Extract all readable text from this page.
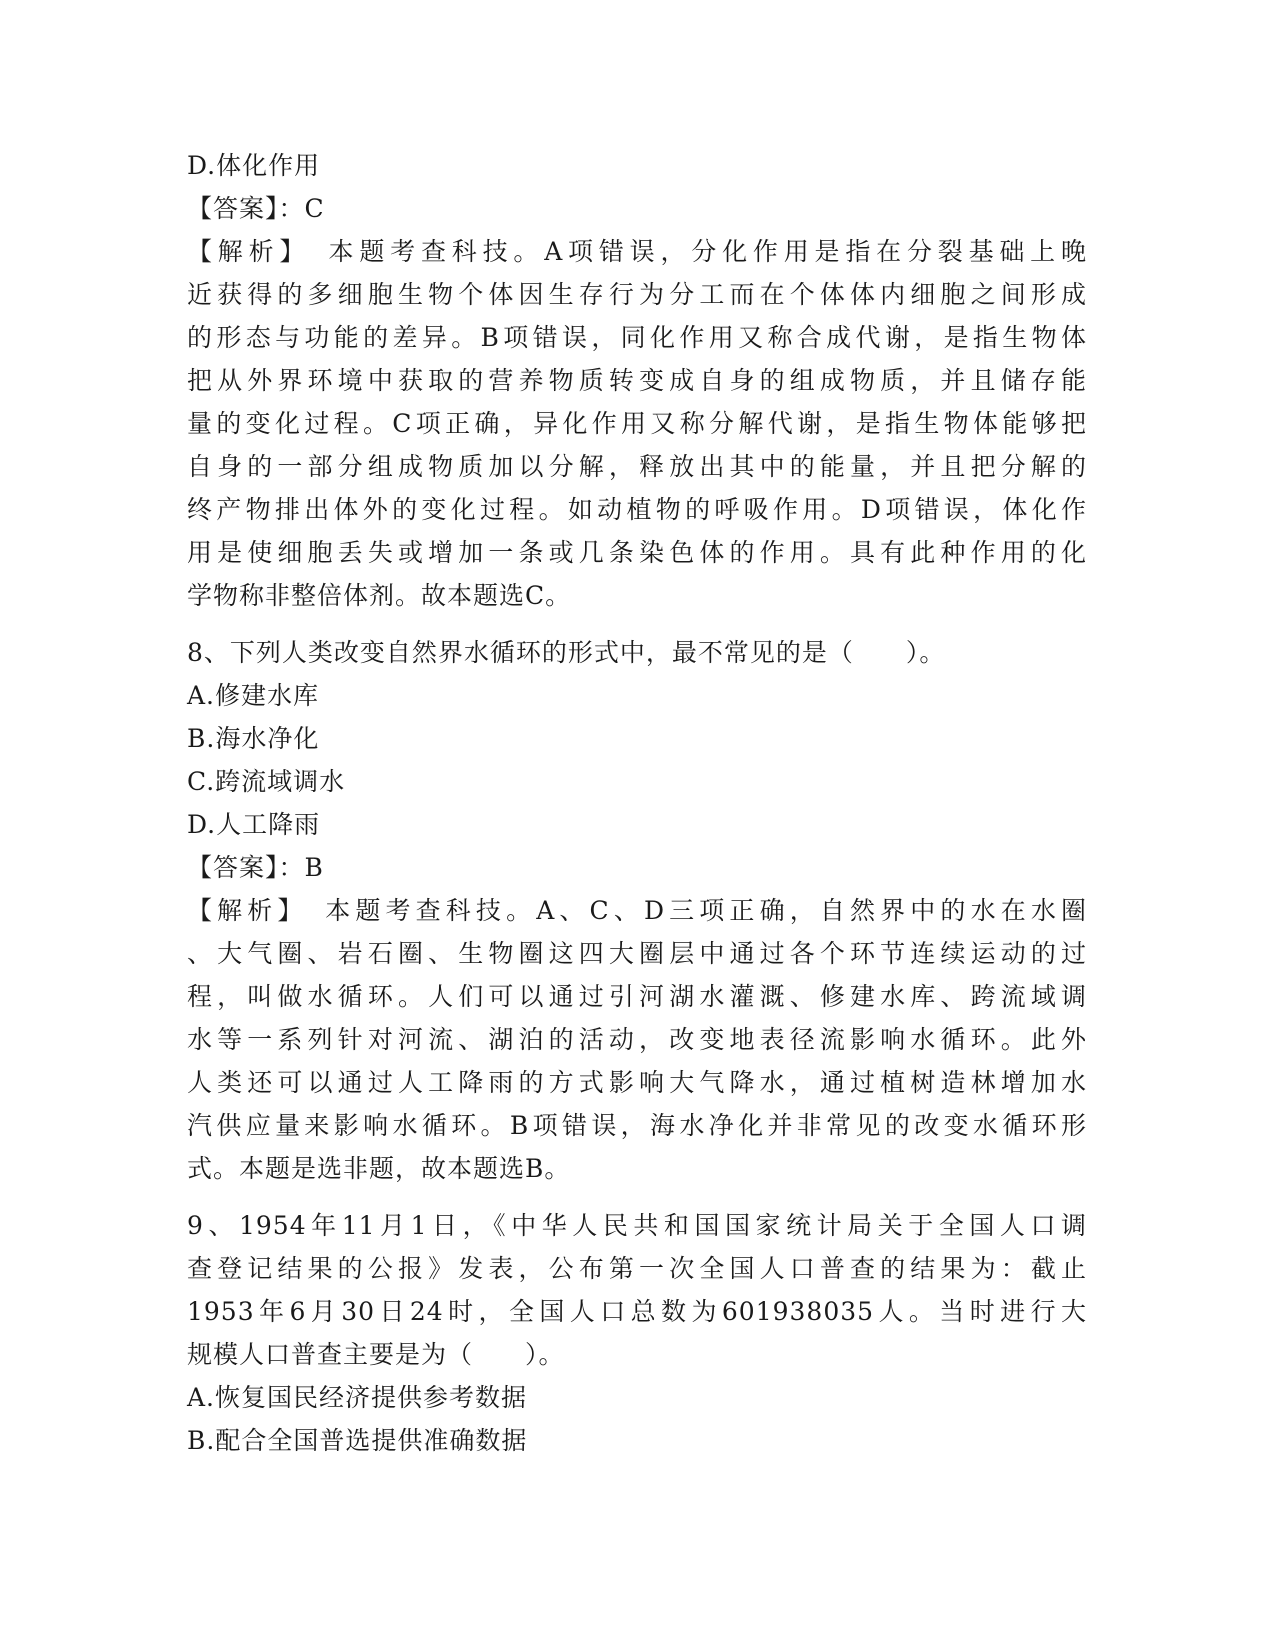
D.体化作用
【答案】：C
【解析】　本题考查科技。A项错误，分化作用是指在分裂基础上晚
近获得的多细胞生物个体因生存行为分工而在个体体内细胞之间形成
的形态与功能的差异。B项错误，同化作用又称合成代谢，是指生物体
把从外界环境中获取的营养物质转变成自身的组成物质，并且储存能
量的变化过程。C项正确，异化作用又称分解代谢，是指生物体能够把
自身的一部分组成物质加以分解，释放出其中的能量，并且把分解的
终产物排出体外的变化过程。如动植物的呼吸作用。D项错误，体化作
用是使细胞丢失或增加一条或几条染色体的作用。具有此种作用的化
学物称非整倍体剂。故本题选C。
8、下列人类改变自然界水循环的形式中，最不常见的是（　　）。
A.修建水库
B.海水净化
C.跨流域调水
D.人工降雨
【答案】：B
【解析】　本题考查科技。A、C、D三项正确，自然界中的水在水圈
、大气圈、岩石圈、生物圈这四大圈层中通过各个环节连续运动的过
程，叫做水循环。人们可以通过引河湖水灌溉、修建水库、跨流域调
水等一系列针对河流、湖泊的活动，改变地表径流影响水循环。此外
人类还可以通过人工降雨的方式影响大气降水，通过植树造林增加水
汽供应量来影响水循环。B项错误，海水净化并非常见的改变水循环形
式。本题是选非题，故本题选B。
9、1954年11月1日，《中华人民共和国国家统计局关于全国人口调
查登记结果的公报》发表，公布第一次全国人口普查的结果为：截止
1953年6月30日24时，全国人口总数为601938035人。当时进行大
规模人口普查主要是为（　　）。
A.恢复国民经济提供参考数据
B.配合全国普选提供准确数据
